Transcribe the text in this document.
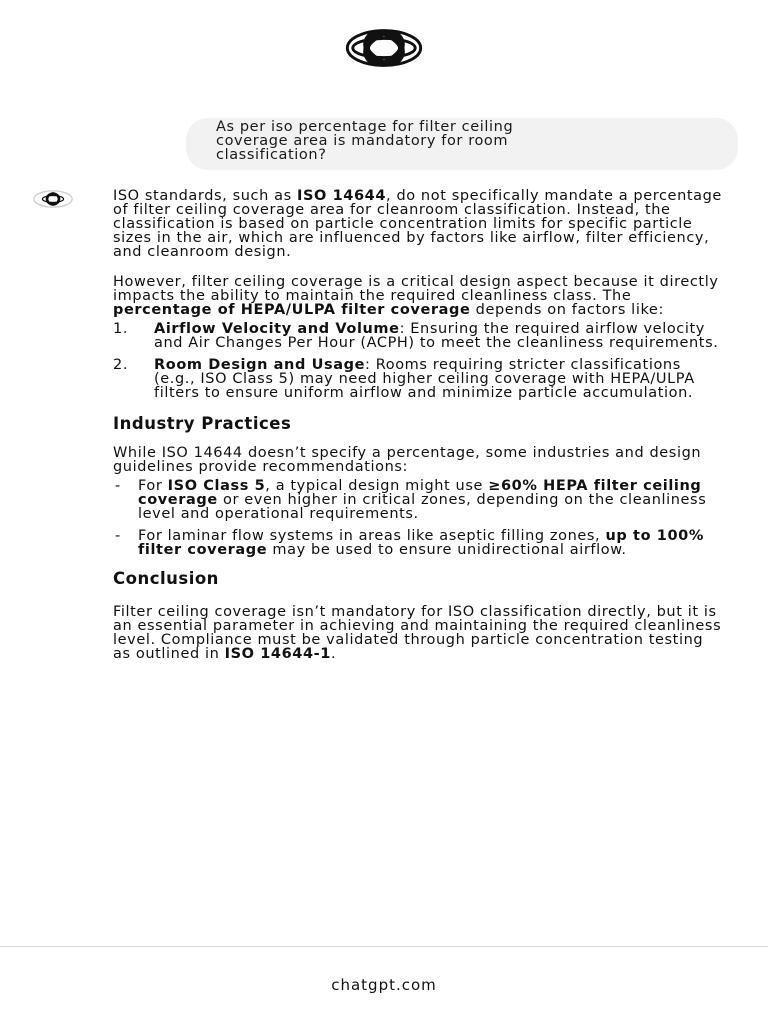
As per iso percentage for filter ceiling
coverage area is mandatory for room
classification?

ISO standards, such as ISO 14644, do not specifically mandate a percentage of filter ceiling coverage area for cleanroom classification. Instead, the classification is based on particle concentration limits for specific particle sizes in the air, which are influenced by factors like airflow, filter efficiency, and cleanroom design.

However, filter ceiling coverage is a critical design aspect because it directly impacts the ability to maintain the required cleanliness class. The percentage of HEPA/ULPA filter coverage depends on factors like:

1. Airflow Velocity and Volume: Ensuring the required airflow velocity and Air Changes Per Hour (ACPH) to meet the cleanliness requirements.
2. Room Design and Usage: Rooms requiring stricter classifications (e.g., ISO Class 5) may need higher ceiling coverage with HEPA/ULPA filters to ensure uniform airflow and minimize particle accumulation.
Industry Practices

While ISO 14644 doesn’t specify a percentage, some industries and design guidelines provide recommendations:

- For ISO Class 5, a typical design might use ≥60% HEPA filter ceiling coverage or even higher in critical zones, depending on the cleanliness level and operational requirements.
- For laminar flow systems in areas like aseptic filling zones, up to 100% filter coverage may be used to ensure unidirectional airflow.
Conclusion

Filter ceiling coverage isn’t mandatory for ISO classification directly, but it is an essential parameter in achieving and maintaining the required cleanliness level. Compliance must be validated through particle concentration testing as outlined in ISO 14644-1.

chatgpt.com
